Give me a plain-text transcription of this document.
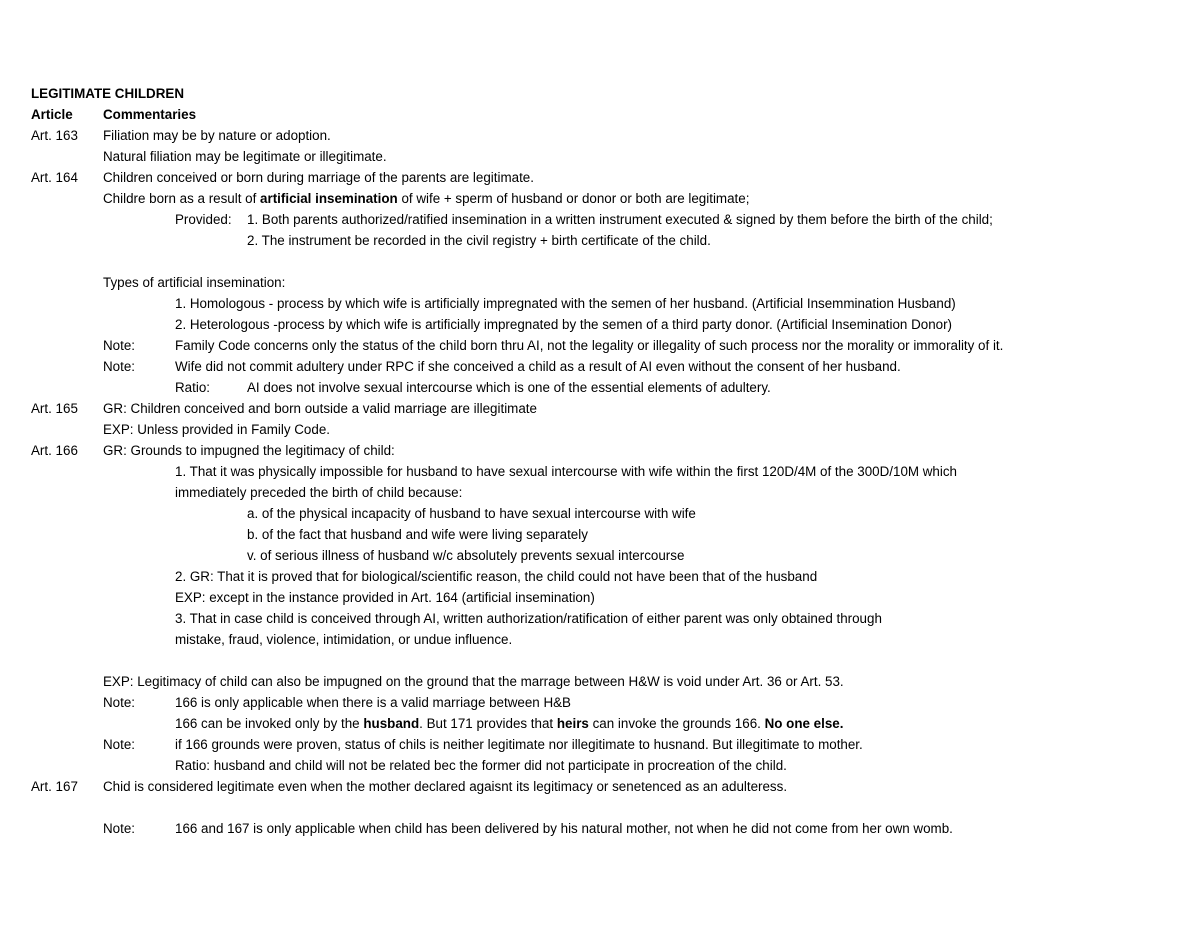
LEGITIMATE CHILDREN
Article Commentaries
Art. 163 Filiation may be by nature or adoption.
Natural filiation may be legitimate or illegitimate.
Art. 164 Children conceived or born during marriage of the parents are legitimate.
Childre born as a result of artificial insemination of wife + sperm of husband or donor or both are legitimate;
Provided: 1. Both parents authorized/ratified insemination in a written instrument executed & signed by them before the birth of the child;
2. The instrument be recorded in the civil registry + birth certificate of the child.
Types of artificial insemination:
1. Homologous - process by which wife is artificially impregnated with the semen of her husband. (Artificial Insemmination Husband)
2. Heterologous -process by which wife is artificially impregnated by the semen of a third party donor. (Artificial Insemination Donor)
Note:	Family Code concerns only the status of the child born thru AI, not the legality or illegality of such process nor the morality or immorality of it.
Note:	Wife did not commit adultery under RPC if she conceived a child as a result of AI even without the consent of her husband.
Ratio:	AI does not involve sexual intercourse which is one of the essential elements of adultery.
Art. 165 GR: Children conceived and born outside a valid marriage are illegitimate
EXP: Unless provided in Family Code.
Art. 166 GR: Grounds to impugned the legitimacy of child:
1. That it was physically impossible for husband to have sexual intercourse with wife within the first 120D/4M of the 300D/10M which
immediately preceded the birth of child because:
a. of the physical incapacity of husband to have sexual intercourse with wife
b. of the fact that husband and wife were living separately
v. of serious illness of husband w/c absolutely prevents sexual intercourse
2. GR: That it is proved that for biological/scientific reason, the child could not have been that of the husband
EXP: except in the instance provided in Art. 164 (artificial insemination)
3. That in case child is conceived through AI, written authorization/ratification of either parent was only obtained through
mistake, fraud, violence, intimidation, or undue influence.
EXP: Legitimacy of child can also be impugned on the ground that the marrage between H&W is void under Art. 36 or Art. 53.
Note:	166 is only applicable when there is a valid marriage between H&B
166 can be invoked only by the husband. But 171 provides that heirs can invoke the grounds 166. No one else.
Note:	if 166 grounds were proven, status of chils is neither legitimate nor illegitimate to husnand. But illegitimate to mother.
Ratio: husband and child will not be related bec the former did not participate in procreation of the child.
Art. 167 Chid is considered legitimate even when the mother declared agaisnt its legitimacy or senetenced as an adulteress.
Note:	166 and 167 is only applicable when child has been delivered by his natural mother, not when he did not come from her own womb.
